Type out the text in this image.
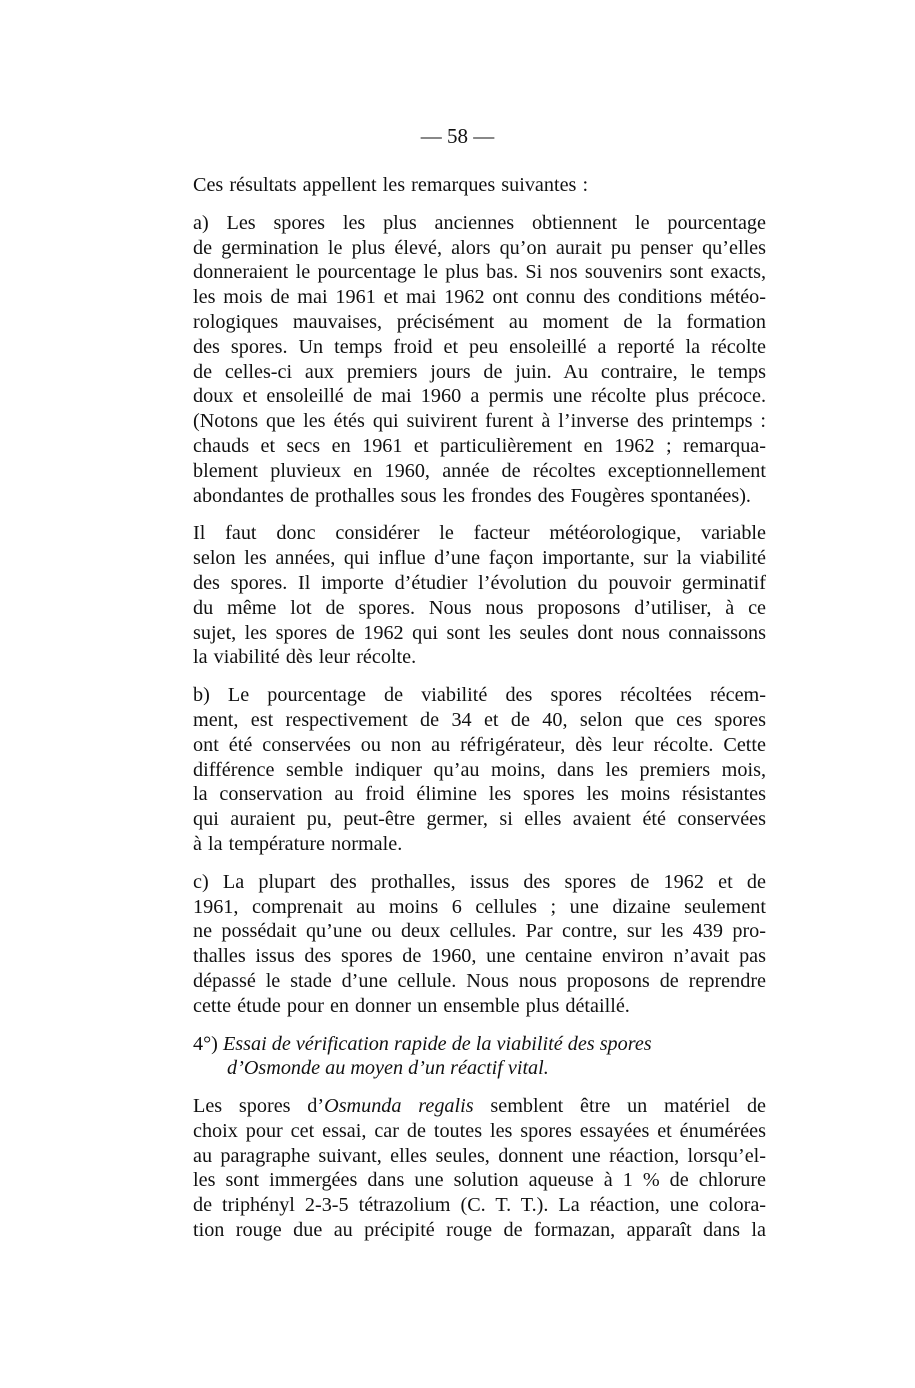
— 58 —

Ces résultats appellent les remarques suivantes :

a) Les spores les plus anciennes obtiennent le pourcentage
de germination le plus élevé, alors qu’on aurait pu penser qu’elles
donneraient le pourcentage le plus bas. Si nos souvenirs sont exacts,
les mois de mai 1961 et mai 1962 ont connu des conditions météo-
rologiques mauvaises, précisément au moment de la formation
des spores. Un temps froid et peu ensoleillé a reporté la récolte
de celles-ci aux premiers jours de juin. Au contraire, le temps
doux et ensoleillé de mai 1960 a permis une récolte plus précoce.
(Notons que les étés qui suivirent furent à l’inverse des printemps :
chauds et secs en 1961 et particulièrement en 1962 ; remarqua-
blement pluvieux en 1960, année de récoltes exceptionnellement
abondantes de prothalles sous les frondes des Fougères spontanées).

Il faut donc considérer le facteur météorologique, variable
selon les années, qui influe d’une façon importante, sur la viabilité
des spores. Il importe d’étudier l’évolution du pouvoir germinatif
du même lot de spores. Nous nous proposons d’utiliser, à ce
sujet, les spores de 1962 qui sont les seules dont nous connaissons
la viabilité dès leur récolte.

b) Le pourcentage de viabilité des spores récoltées récem-
ment, est respectivement de 34 et de 40, selon que ces spores
ont été conservées ou non au réfrigérateur, dès leur récolte. Cette
différence semble indiquer qu’au moins, dans les premiers mois,
la conservation au froid élimine les spores les moins résistantes
qui auraient pu, peut-être germer, si elles avaient été conservées
à la température normale.

c) La plupart des prothalles, issus des spores de 1962 et de
1961, comprenait au moins 6 cellules ; une dizaine seulement
ne possédait qu’une ou deux cellules. Par contre, sur les 439 pro-
thalles issus des spores de 1960, une centaine environ n’avait pas
dépassé le stade d’une cellule. Nous nous proposons de reprendre
cette étude pour en donner un ensemble plus détaillé.

4°) Essai de vérification rapide de la viabilité des spores
d’Osmonde au moyen d’un réactif vital.

Les spores d’Osmunda regalis semblent être un matériel de
choix pour cet essai, car de toutes les spores essayées et énumérées
au paragraphe suivant, elles seules, donnent une réaction, lorsqu’el-
les sont immergées dans une solution aqueuse à 1 % de chlorure
de triphényl 2-3-5 tétrazolium (C. T. T.). La réaction, une colora-
tion rouge due au précipité rouge de formazan, apparaît dans la
